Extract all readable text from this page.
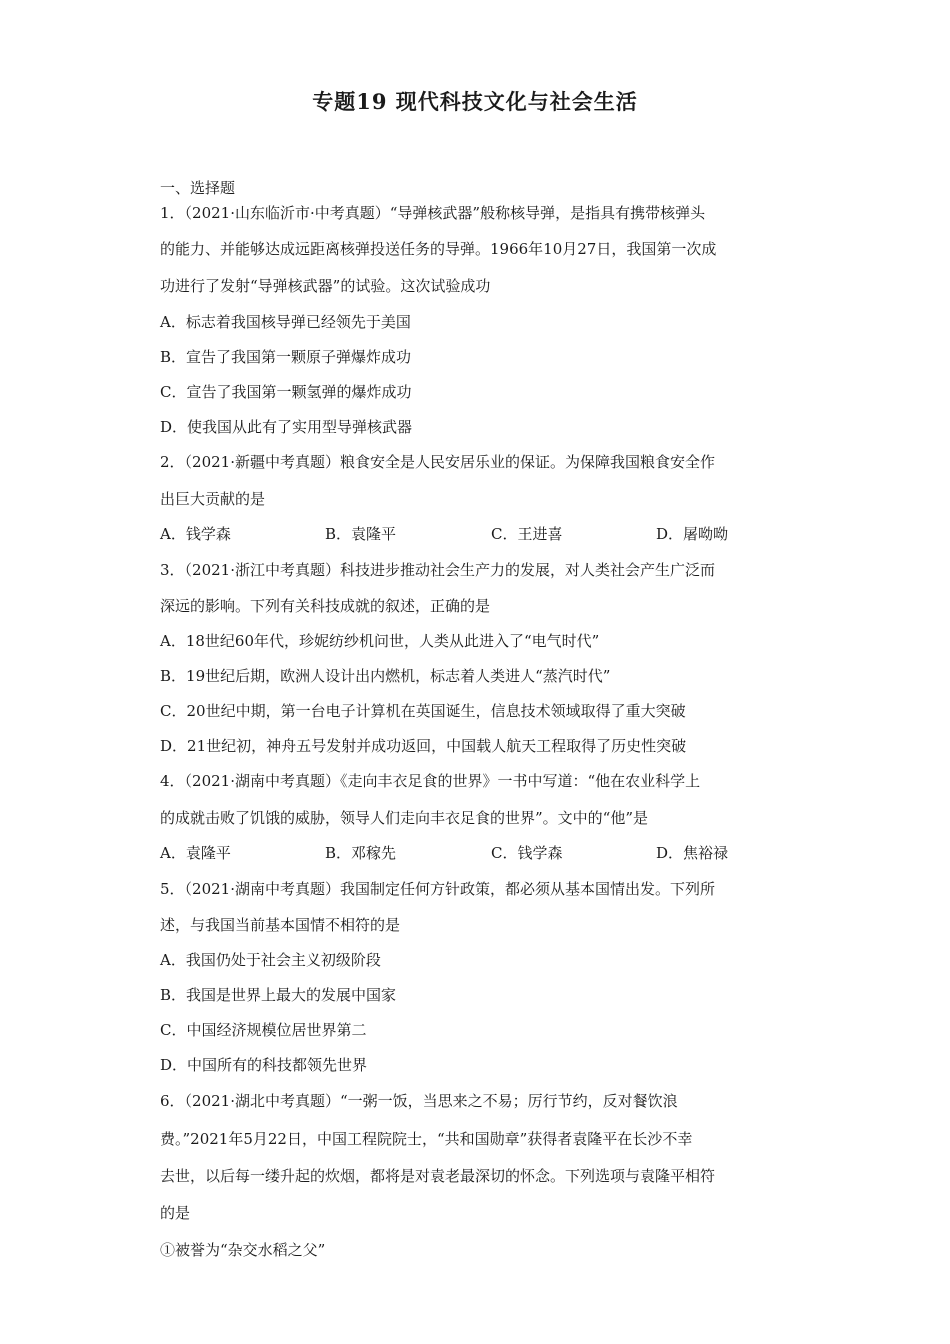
专题19 现代科技文化与社会生活
一、选择题
1．（2021·山东临沂市·中考真题）“导弹核武器”般称核导弹，是指具有携带核弹头
的能力、并能够达成远距离核弹投送任务的导弹。1966年10月27日，我国第一次成
功进行了发射“导弹核武器”的试验。这次试验成功
A．标志着我国核导弹已经领先于美国
B．宣告了我国第一颗原子弹爆炸成功
C．宣告了我国第一颗氢弹的爆炸成功
D．使我国从此有了实用型导弹核武器
2．（2021·新疆中考真题）粮食安全是人民安居乐业的保证。为保障我国粮食安全作
出巨大贡献的是
A．钱学森	B．袁隆平	C．王进喜	D．屠呦呦
3．（2021·浙江中考真题）科技进步推动社会生产力的发展，对人类社会产生广泛而
深远的影响。下列有关科技成就的叙述，正确的是
A．18世纪60年代，珍妮纺纱机问世，人类从此进入了“电气时代”
B．19世纪后期，欧洲人设计出内燃机，标志着人类进人“蒸汽时代”
C．20世纪中期，第一台电子计算机在英国诞生，信息技术领域取得了重大突破
D．21世纪初，神舟五号发射并成功返回，中国载人航天工程取得了历史性突破
4．（2021·湖南中考真题）《走向丰衣足食的世界》一书中写道：“他在农业科学上
的成就击败了饥饿的威胁，领导人们走向丰衣足食的世界”。文中的“他”是
A．袁隆平	B．邓稼先	C．钱学森	D．焦裕禄
5．（2021·湖南中考真题）我国制定任何方针政策，都必须从基本国情出发。下列所
述，与我国当前基本国情不相符的是
A．我国仍处于社会主义初级阶段
B．我国是世界上最大的发展中国家
C．中国经济规模位居世界第二
D．中国所有的科技都领先世界
6．（2021·湖北中考真题）“一粥一饭，当思来之不易；厉行节约，反对餐饮浪
费。”2021年5月22日，中国工程院院士，“共和国勋章”获得者袁隆平在长沙不幸
去世，以后每一缕升起的炊烟，都将是对袁老最深切的怀念。下列选项与袁隆平相符
的是
①被誉为“杂交水稻之父”
